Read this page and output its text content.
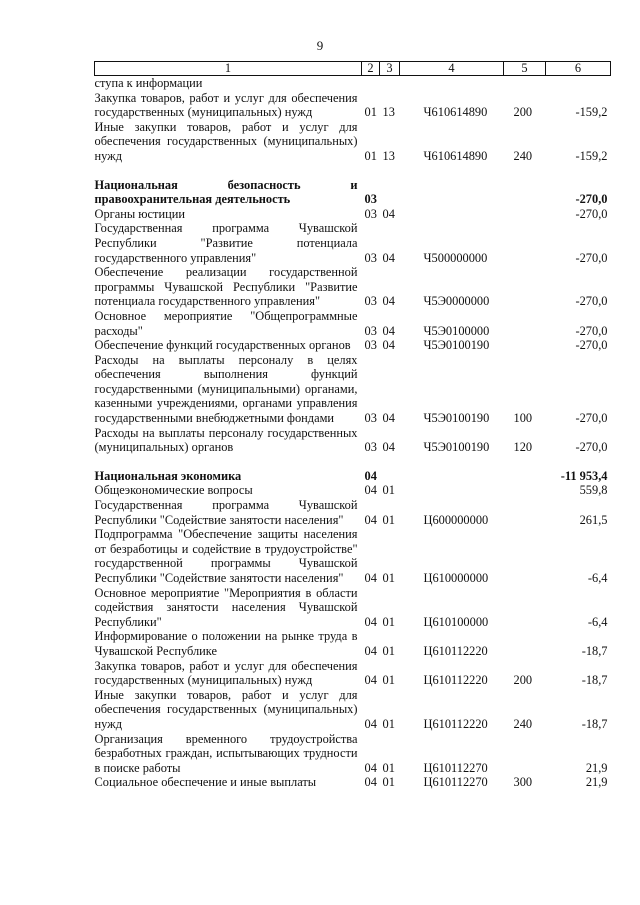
9
1	2	3	4	5	6
ступа к информации					
Закупка товаров, работ и услуг для обеспечения государственных (муниципальных) нужд	01	13	Ч610614890	200	-159,2
Иные закупки товаров, работ и услуг для обеспечения государственных (муниципальных) нужд	01	13	Ч610614890	240	-159,2

Национальная безопасность и правоохранительная деятельность	03				-270,0
Органы юстиции	03	04			-270,0
Государственная программа Чувашской Республики "Развитие потенциала государственного управления"	03	04	Ч500000000		-270,0
Обеспечение реализации государственной программы Чувашской Республики "Развитие потенциала государственного управления"	03	04	Ч5Э0000000		-270,0
Основное мероприятие "Общепрограммные расходы"	03	04	Ч5Э0100000		-270,0
Обеспечение функций государственных органов	03	04	Ч5Э0100190		-270,0
Расходы на выплаты персоналу в целях обеспечения выполнения функций государственными (муниципальными) органами, казенными учреждениями, органами управления государственными внебюджетными фондами	03	04	Ч5Э0100190	100	-270,0
Расходы на выплаты персоналу государственных (муниципальных) органов	03	04	Ч5Э0100190	120	-270,0

Национальная экономика	04				-11 953,4
Общеэкономические вопросы	04	01			559,8
Государственная программа Чувашской Республики "Содействие занятости населения"	04	01	Ц600000000		261,5
Подпрограмма "Обеспечение защиты населения от безработицы и содействие в трудоустройстве" государственной программы Чувашской Республики "Содействие занятости населения"	04	01	Ц610000000		-6,4
Основное мероприятие "Мероприятия в области содействия занятости населения Чувашской Республики"	04	01	Ц610100000		-6,4
Информирование о положении на рынке труда в Чувашской Республике	04	01	Ц610112220		-18,7
Закупка товаров, работ и услуг для обеспечения государственных (муниципальных) нужд	04	01	Ц610112220	200	-18,7
Иные закупки товаров, работ и услуг для обеспечения государственных (муниципальных) нужд	04	01	Ц610112220	240	-18,7
Организация временного трудоустройства безработных граждан, испытывающих трудности в поиске работы	04	01	Ц610112270		21,9
Социальное обеспечение и иные выплаты	04	01	Ц610112270	300	21,9
